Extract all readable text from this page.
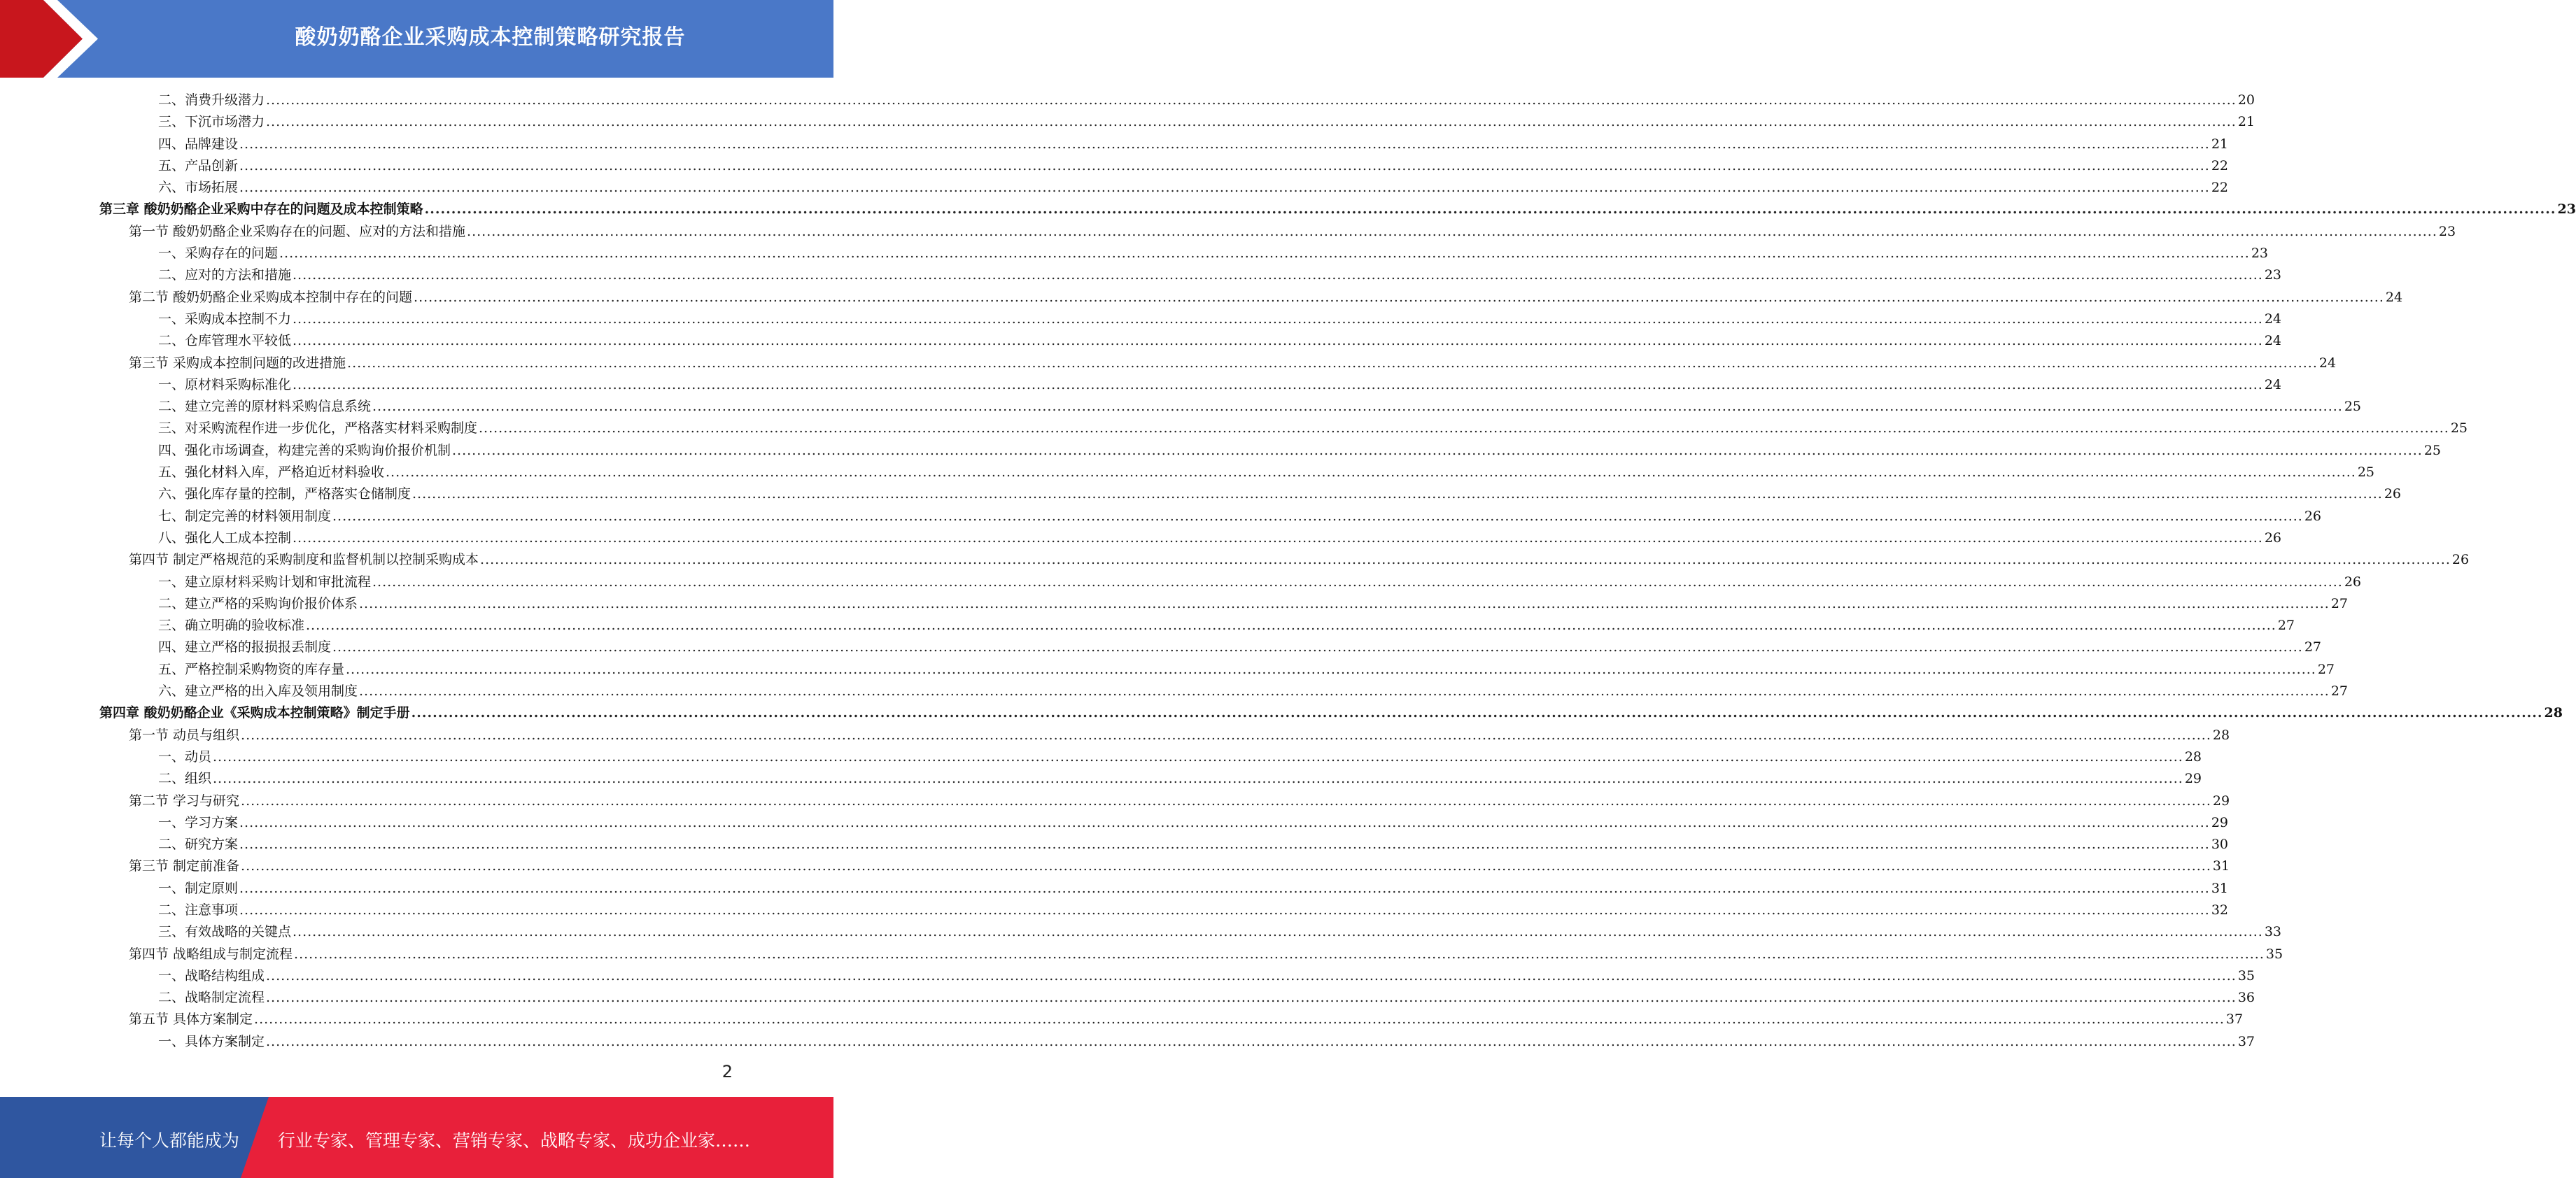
酸奶奶酪企业采购成本控制策略研究报告
二、消费升级潜力 ................................................................................................................................................................................................................................................................................................................................................................................................................ 20
三、下沉市场潜力 ................................................................................................................................................................................................................................................................................................................................................................................................................ 21
四、品牌建设 ................................................................................................................................................................................................................................................................................................................................................................................................................ 21
五、产品创新 ................................................................................................................................................................................................................................................................................................................................................................................................................ 22
六、市场拓展 ................................................................................................................................................................................................................................................................................................................................................................................................................ 22
第三章 酸奶奶酪企业采购中存在的问题及成本控制策略 ................................................................................................................................................................................................................................................................................................................................................................................................................ 23
第一节 酸奶奶酪企业采购存在的问题、应对的方法和措施 ................................................................................................................................................................................................................................................................................................................................................................................................................ 23
一、采购存在的问题 ................................................................................................................................................................................................................................................................................................................................................................................................................ 23
二、应对的方法和措施 ................................................................................................................................................................................................................................................................................................................................................................................................................ 23
第二节 酸奶奶酪企业采购成本控制中存在的问题 ................................................................................................................................................................................................................................................................................................................................................................................................................ 24
一、采购成本控制不力 ................................................................................................................................................................................................................................................................................................................................................................................................................ 24
二、仓库管理水平较低 ................................................................................................................................................................................................................................................................................................................................................................................................................ 24
第三节 采购成本控制问题的改进措施 ................................................................................................................................................................................................................................................................................................................................................................................................................ 24
一、原材料采购标准化 ................................................................................................................................................................................................................................................................................................................................................................................................................ 24
二、建立完善的原材料采购信息系统 ................................................................................................................................................................................................................................................................................................................................................................................................................ 25
三、对采购流程作进一步优化，严格落实材料采购制度 ................................................................................................................................................................................................................................................................................................................................................................................................................ 25
四、强化市场调查，构建完善的采购询价报价机制 ................................................................................................................................................................................................................................................................................................................................................................................................................ 25
五、强化材料入库，严格迫近材料验收 ................................................................................................................................................................................................................................................................................................................................................................................................................ 25
六、强化库存量的控制，严格落实仓储制度 ................................................................................................................................................................................................................................................................................................................................................................................................................ 26
七、制定完善的材料领用制度 ................................................................................................................................................................................................................................................................................................................................................................................................................ 26
八、强化人工成本控制 ................................................................................................................................................................................................................................................................................................................................................................................................................ 26
第四节 制定严格规范的采购制度和监督机制以控制采购成本 ................................................................................................................................................................................................................................................................................................................................................................................................................ 26
一、建立原材料采购计划和审批流程 ................................................................................................................................................................................................................................................................................................................................................................................................................ 26
二、建立严格的采购询价报价体系 ................................................................................................................................................................................................................................................................................................................................................................................................................ 27
三、确立明确的验收标准 ................................................................................................................................................................................................................................................................................................................................................................................................................ 27
四、建立严格的报损报丢制度 ................................................................................................................................................................................................................................................................................................................................................................................................................ 27
五、严格控制采购物资的库存量 ................................................................................................................................................................................................................................................................................................................................................................................................................ 27
六、建立严格的出入库及领用制度 ................................................................................................................................................................................................................................................................................................................................................................................................................ 27
第四章 酸奶奶酪企业《采购成本控制策略》制定手册 ................................................................................................................................................................................................................................................................................................................................................................................................................ 28
第一节 动员与组织 ................................................................................................................................................................................................................................................................................................................................................................................................................ 28
一、动员 ................................................................................................................................................................................................................................................................................................................................................................................................................ 28
二、组织 ................................................................................................................................................................................................................................................................................................................................................................................................................ 29
第二节 学习与研究 ................................................................................................................................................................................................................................................................................................................................................................................................................ 29
一、学习方案 ................................................................................................................................................................................................................................................................................................................................................................................................................ 29
二、研究方案 ................................................................................................................................................................................................................................................................................................................................................................................................................ 30
第三节 制定前准备 ................................................................................................................................................................................................................................................................................................................................................................................................................ 31
一、制定原则 ................................................................................................................................................................................................................................................................................................................................................................................................................ 31
二、注意事项 ................................................................................................................................................................................................................................................................................................................................................................................................................ 32
三、有效战略的关键点 ................................................................................................................................................................................................................................................................................................................................................................................................................ 33
第四节 战略组成与制定流程 ................................................................................................................................................................................................................................................................................................................................................................................................................ 35
一、战略结构组成 ................................................................................................................................................................................................................................................................................................................................................................................................................ 35
二、战略制定流程 ................................................................................................................................................................................................................................................................................................................................................................................................................ 36
第五节 具体方案制定 ................................................................................................................................................................................................................................................................................................................................................................................................................ 37
一、具体方案制定 ................................................................................................................................................................................................................................................................................................................................................................................................................ 37
2
让每个人都能成为 行业专家、管理专家、营销专家、战略专家、成功企业家……
